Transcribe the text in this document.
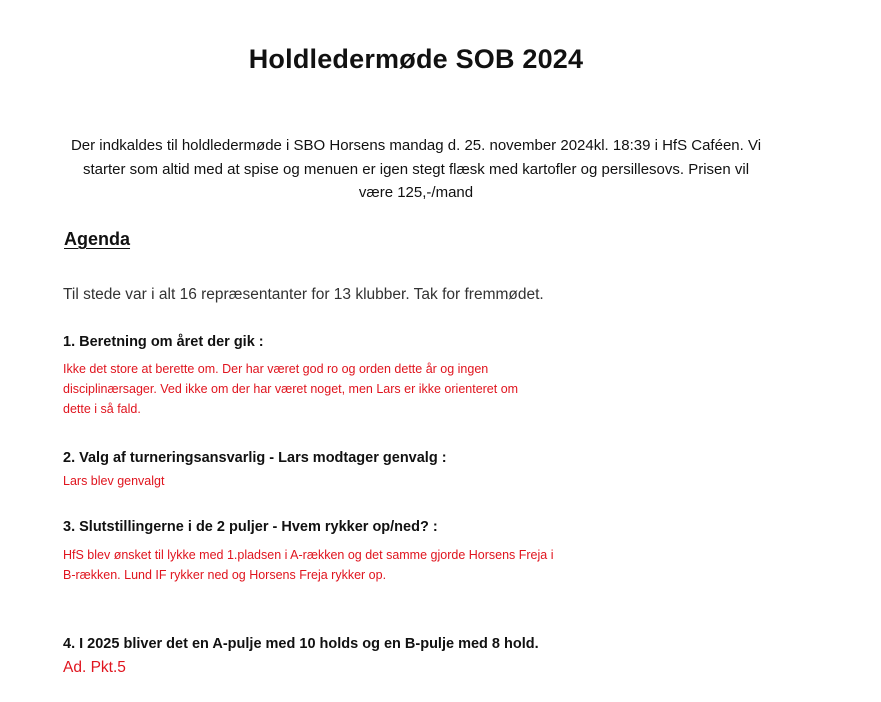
Holdledermøde SOB 2024
Der indkaldes til holdledermøde i SBO Horsens mandag d. 25. november 2024kl. 18:39 i HfS Caféen. Vi
starter som altid med at spise og menuen er igen stegt flæsk med kartofler og persillesovs. Prisen vil
være 125,-/mand
Agenda
Til stede var i alt 16 repræsentanter for 13 klubber. Tak for fremmødet.
1. Beretning om året der gik :
Ikke det store at berette om. Der har været god ro og orden dette år og ingen
disciplinærsager. Ved ikke om der har været noget, men Lars er ikke orienteret om
dette i så fald.
2. Valg af turneringsansvarlig - Lars modtager genvalg :
Lars blev genvalgt
3. Slutstillingerne i de 2 puljer - Hvem rykker op/ned? :
HfS blev ønsket til lykke med 1.pladsen i A-rækken og det samme gjorde Horsens Freja i
B-rækken. Lund IF rykker ned og Horsens Freja rykker op.
4. I 2025 bliver det en A-pulje med 10 holds og en B-pulje med 8 hold.
Ad. Pkt.5
